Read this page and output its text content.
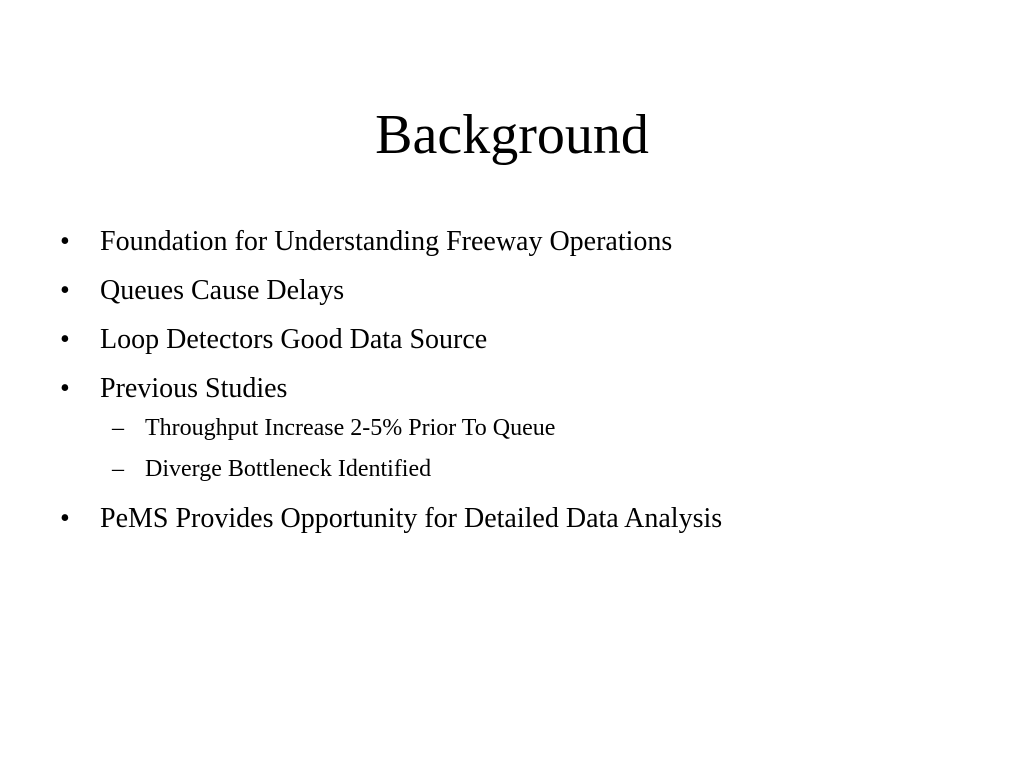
Background
• Foundation for Understanding Freeway Operations
• Queues Cause Delays
• Loop Detectors Good Data Source
• Previous Studies
– Throughput Increase 2-5% Prior To Queue
– Diverge Bottleneck Identified
• PeMS Provides Opportunity for Detailed Data Analysis
